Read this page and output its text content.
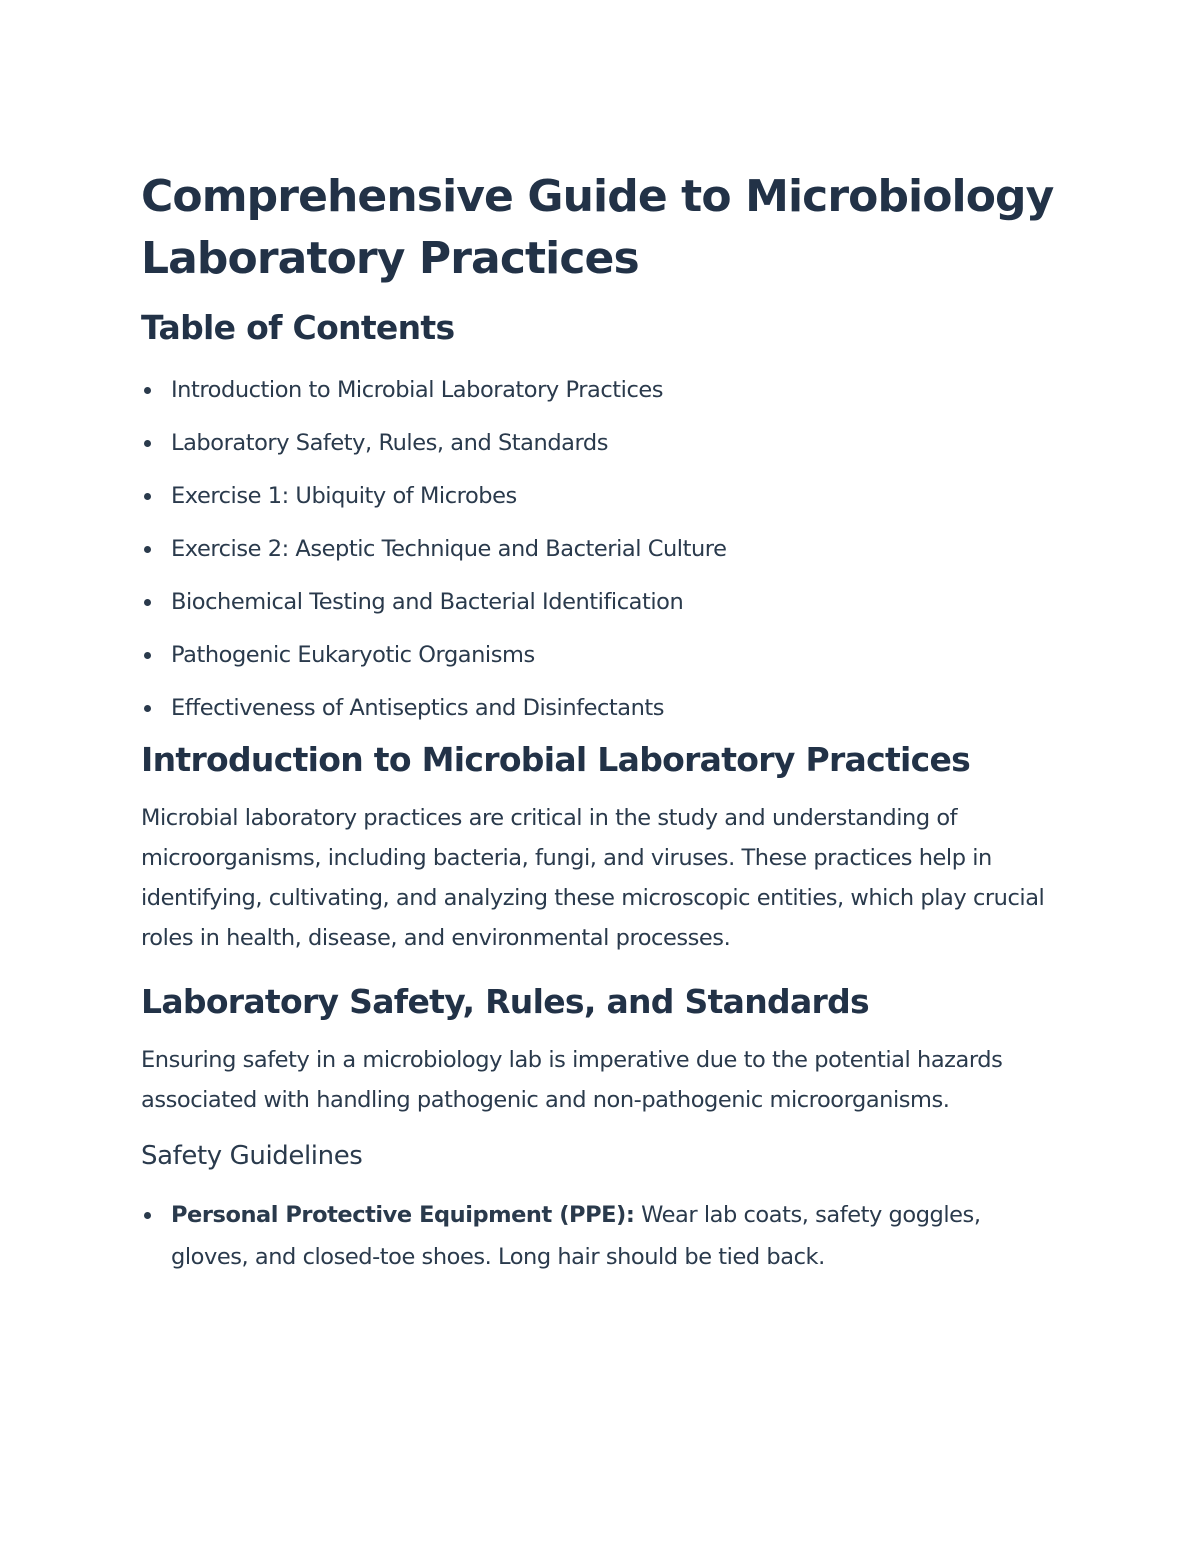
Comprehensive Guide to Microbiology Laboratory Practices
Table of Contents
Introduction to Microbial Laboratory Practices
Laboratory Safety, Rules, and Standards
Exercise 1: Ubiquity of Microbes
Exercise 2: Aseptic Technique and Bacterial Culture
Biochemical Testing and Bacterial Identification
Pathogenic Eukaryotic Organisms
Effectiveness of Antiseptics and Disinfectants
Introduction to Microbial Laboratory Practices

Microbial laboratory practices are critical in the study and understanding of microorganisms, including bacteria, fungi, and viruses. These practices help in identifying, cultivating, and analyzing these microscopic entities, which play crucial roles in health, disease, and environmental processes.

Laboratory Safety, Rules, and Standards

Ensuring safety in a microbiology lab is imperative due to the potential hazards associated with handling pathogenic and non-pathogenic microorganisms.

Safety Guidelines
Personal Protective Equipment (PPE): Wear lab coats, safety goggles, gloves, and closed-toe shoes. Long hair should be tied back.
